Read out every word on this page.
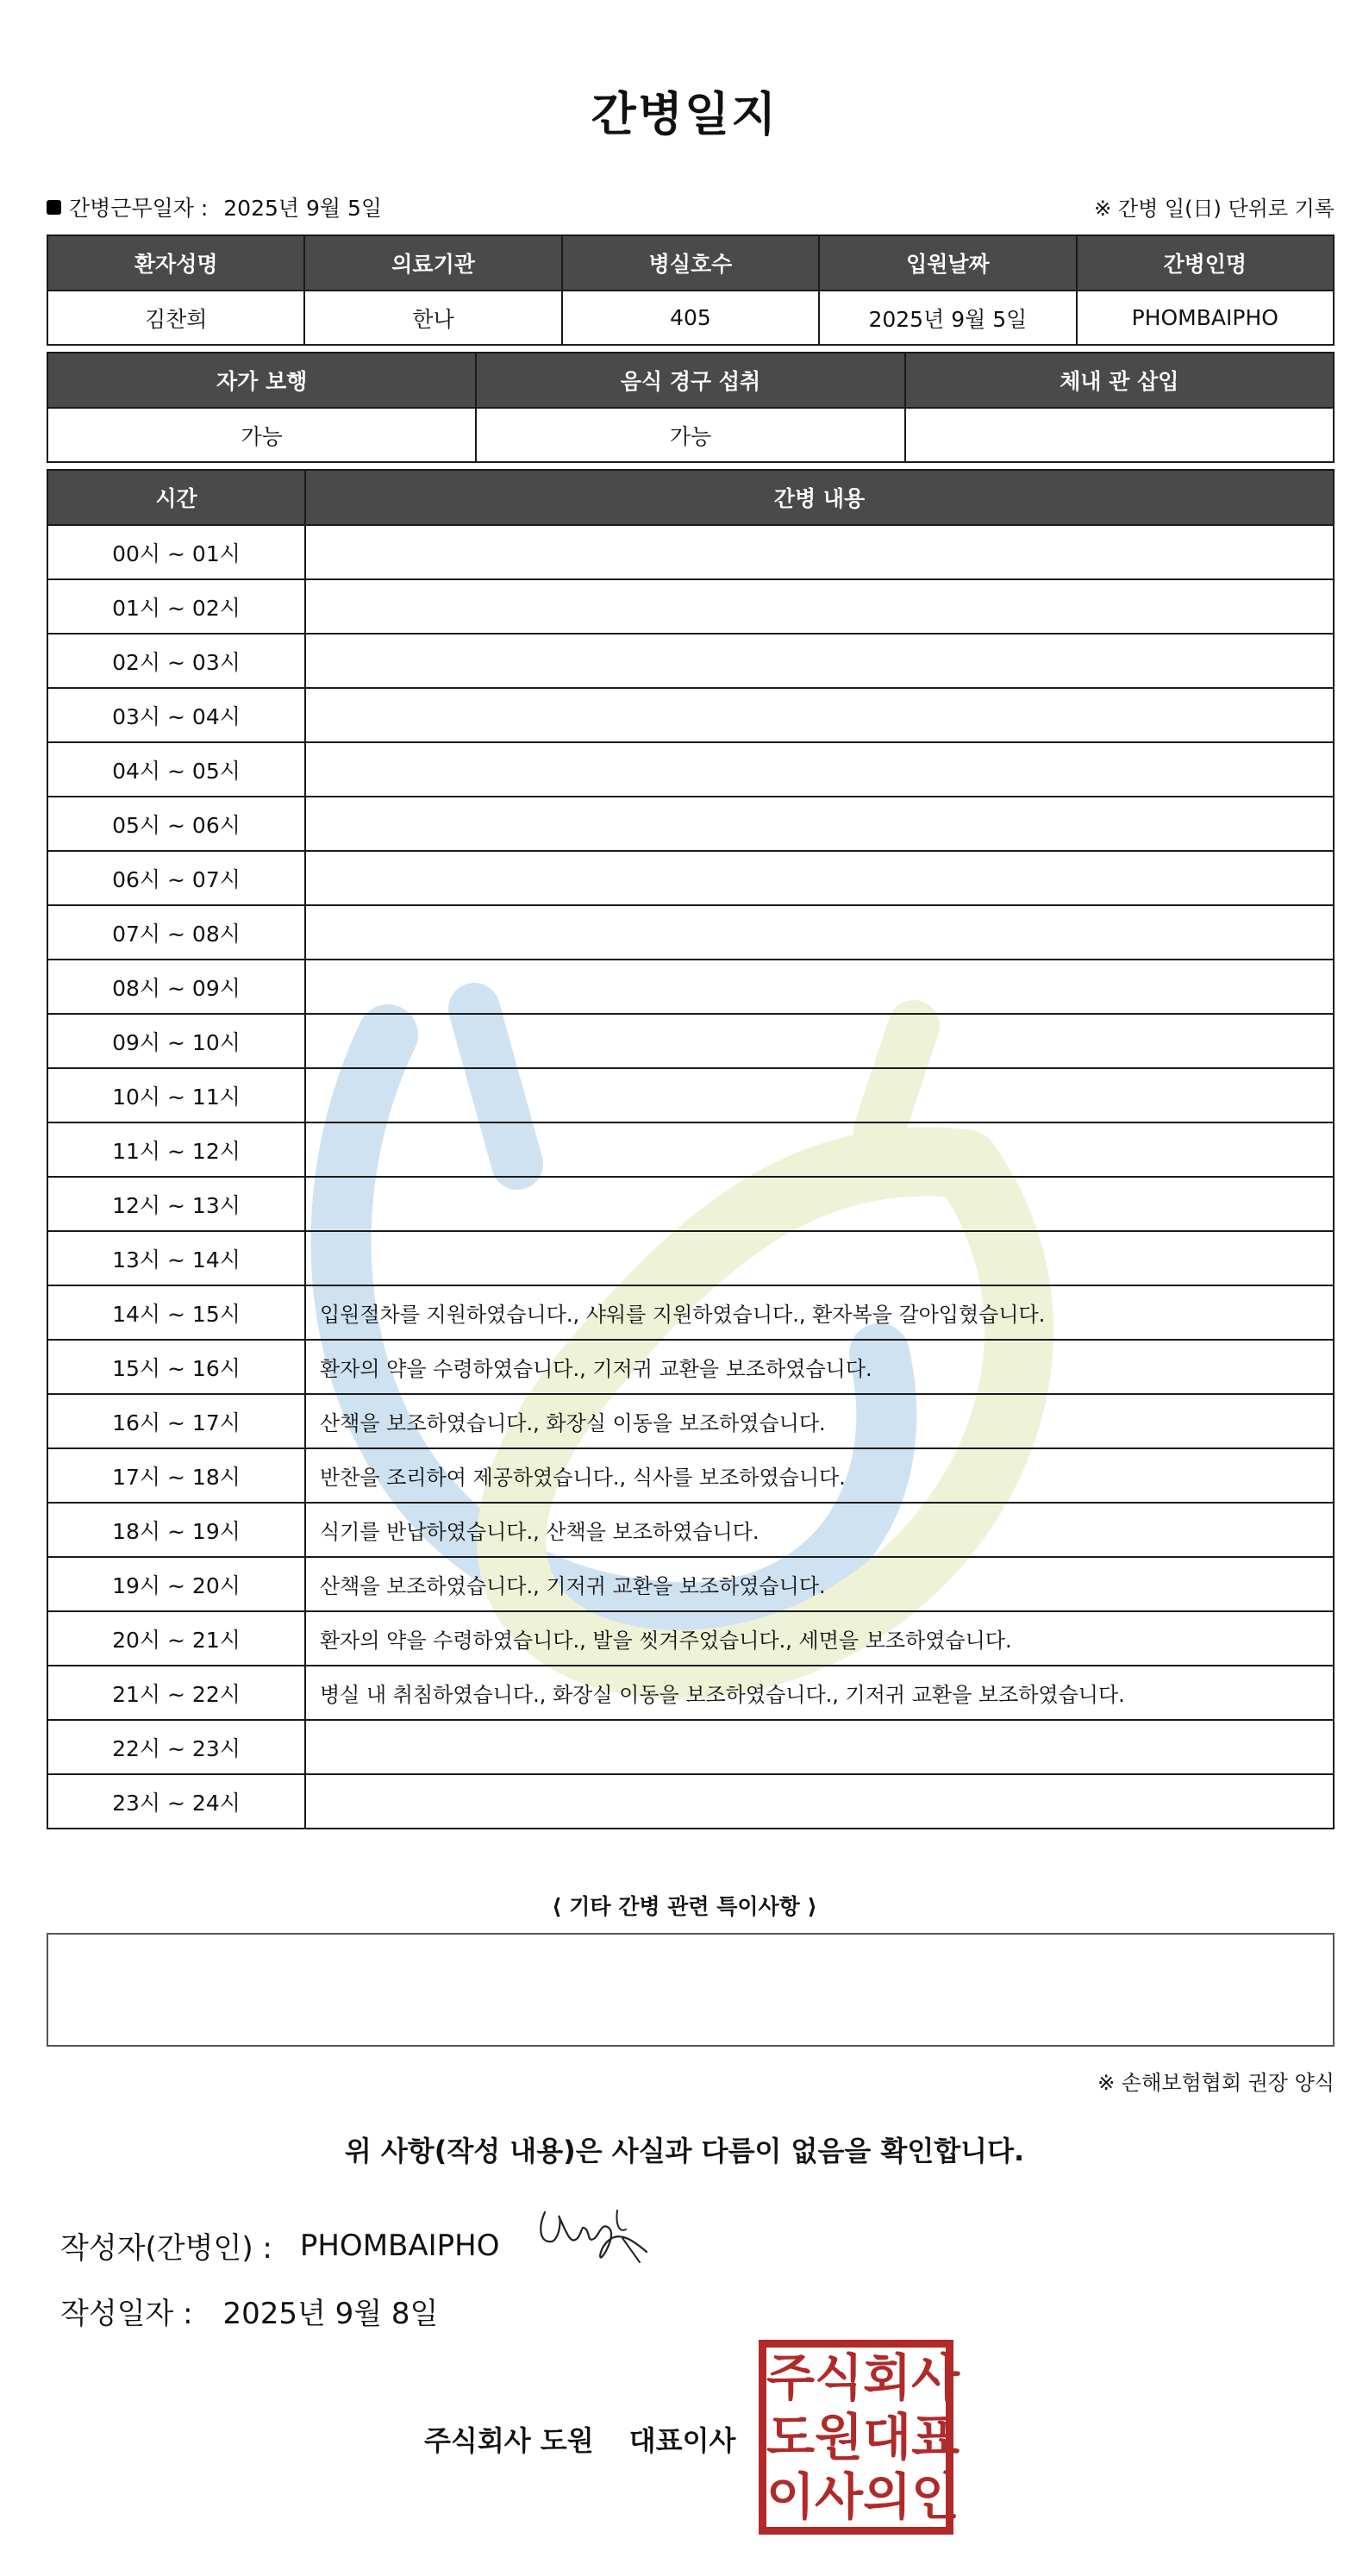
간병일지
간병근무일자 : 2025년 9월 5일	※ 간병 일(日) 단위로 기록
환자성명	의료기관	병실호수	입원날짜	간병인명
김찬희	한나	405	2025년 9월 5일	PHOMBAIPHO
자가 보행	음식 경구 섭취	체내 관 삽입
가능	가능	
시간	간병 내용
00시 ~ 01시	
01시 ~ 02시	
02시 ~ 03시	
03시 ~ 04시	
04시 ~ 05시	
05시 ~ 06시	
06시 ~ 07시	
07시 ~ 08시	
08시 ~ 09시	
09시 ~ 10시	
10시 ~ 11시	
11시 ~ 12시	
12시 ~ 13시	
13시 ~ 14시	
14시 ~ 15시	입원절차를 지원하였습니다., 샤워를 지원하였습니다., 환자복을 갈아입혔습니다.
15시 ~ 16시	환자의 약을 수령하였습니다., 기저귀 교환을 보조하였습니다.
16시 ~ 17시	산책을 보조하였습니다., 화장실 이동을 보조하였습니다.
17시 ~ 18시	반찬을 조리하여 제공하였습니다., 식사를 보조하였습니다.
18시 ~ 19시	식기를 반납하였습니다., 산책을 보조하였습니다.
19시 ~ 20시	산책을 보조하였습니다., 기저귀 교환을 보조하였습니다.
20시 ~ 21시	환자의 약을 수령하였습니다., 발을 씻겨주었습니다., 세면을 보조하였습니다.
21시 ~ 22시	병실 내 취침하였습니다., 화장실 이동을 보조하였습니다., 기저귀 교환을 보조하였습니다.
22시 ~ 23시	
23시 ~ 24시	
⟨ 기타 간병 관련 특이사항 ⟩
※ 손해보험협회 권장 양식
위 사항(작성 내용)은 사실과 다름이 없음을 확인합니다.
작성자(간병인) : PHOMBAIPHO
작성일자 : 2025년 9월 8일
주식회사 도원 대표이사
주 식 회 사
도 원 대 표
이 사 의 인
